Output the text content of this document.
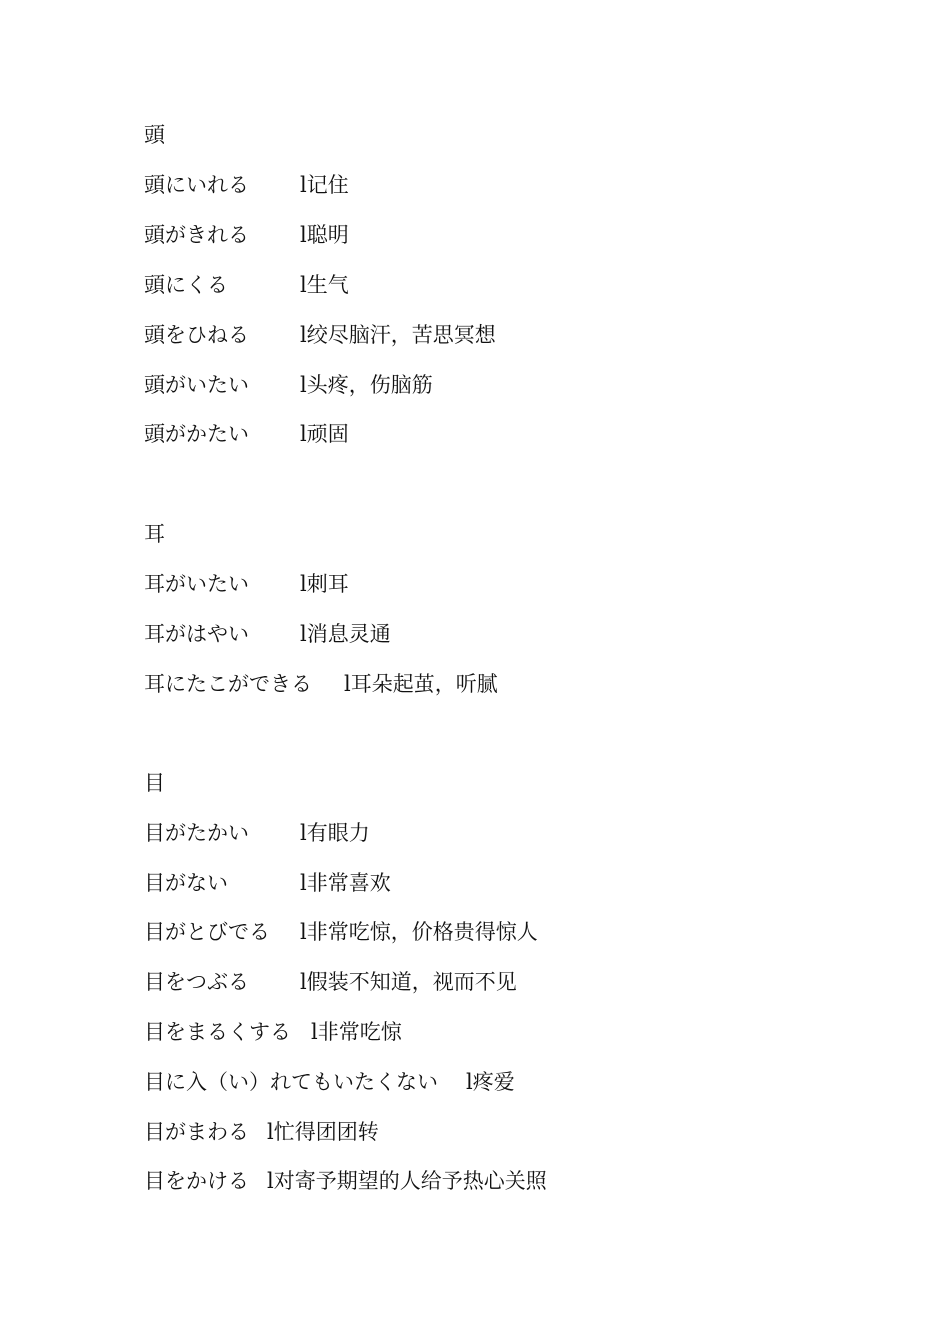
頭
頭にいれる l记住
頭がきれる l聪明
頭にくる	l生气
頭をひねる l绞尽脑汗，苦思冥想
頭がいたい l头疼，伤脑筋
頭がかたい l顽固
耳
耳がいたい l刺耳
耳がはやい l消息灵通
耳にたこができる l耳朵起茧，听腻
目
目がたかい l有眼力
目がない	l非常喜欢
目がとびでる l非常吃惊，价格贵得惊人
目をつぶる l假装不知道，视而不见
目をまるくする l非常吃惊
目に入（い）れてもいたくない l疼爱
目がまわる l忙得团团转
目をかける l对寄予期望的人给予热心关照
